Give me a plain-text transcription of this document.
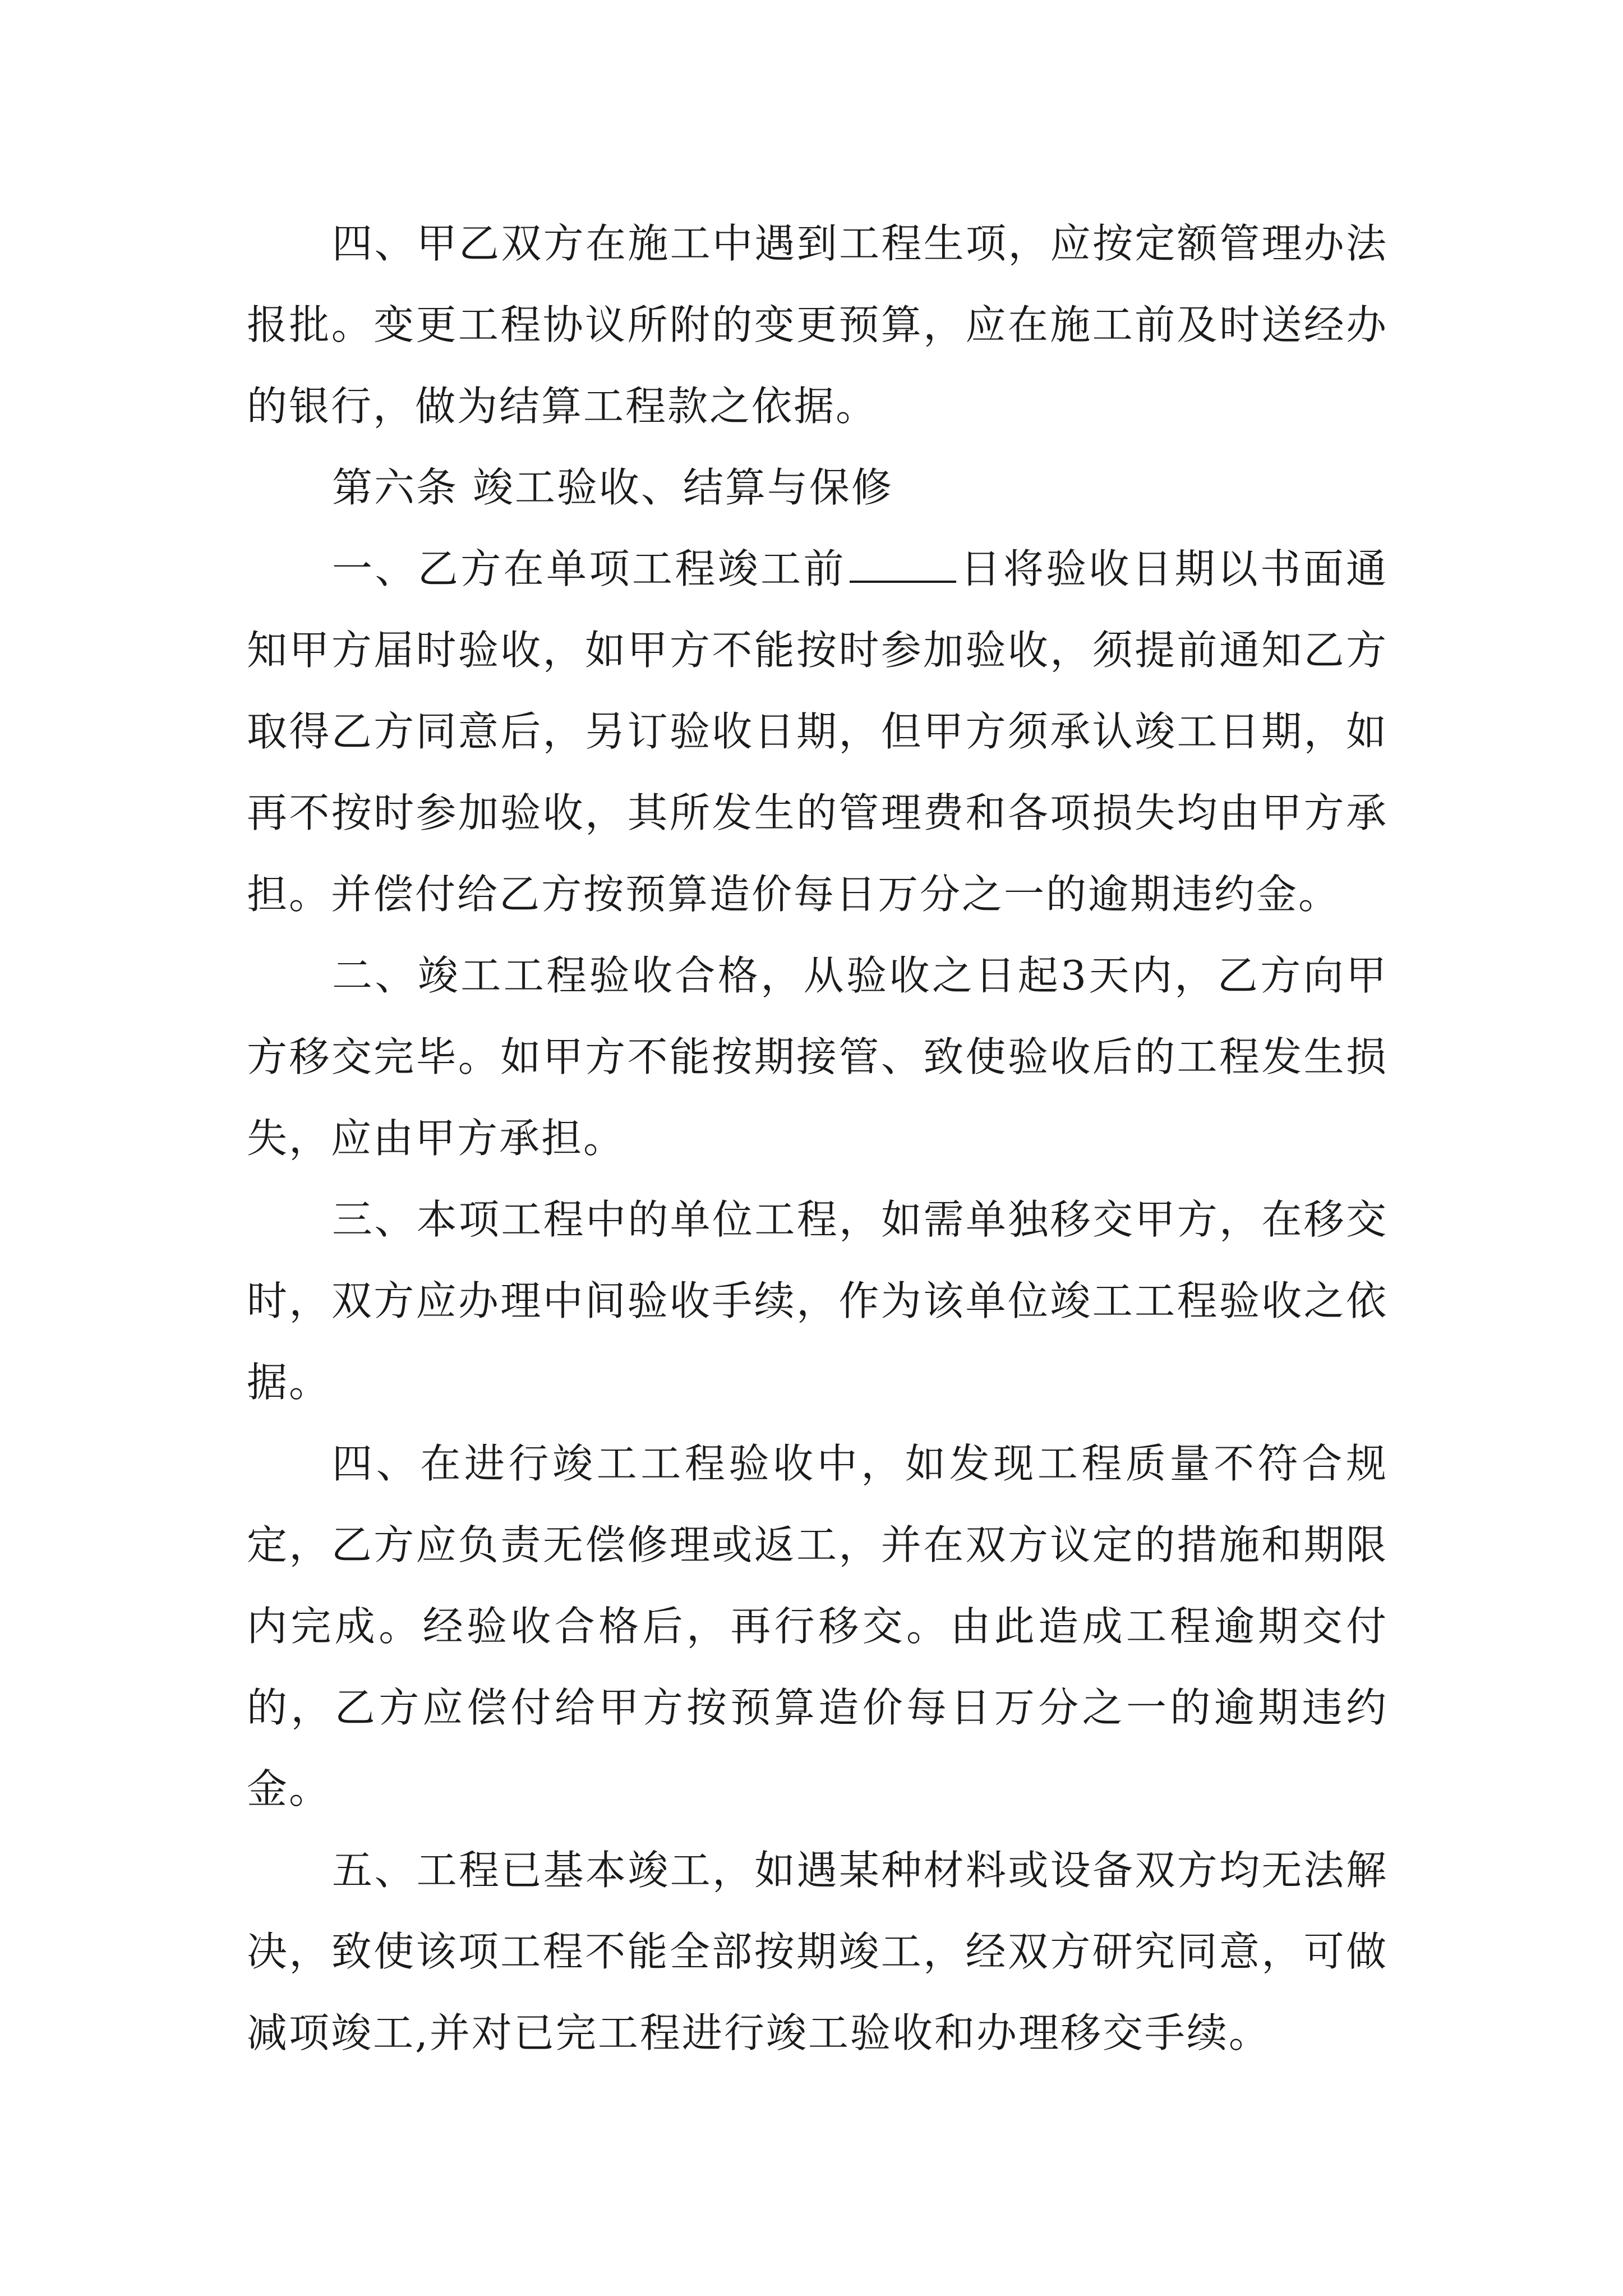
四、甲乙双方在施工中遇到工程生项，应按定额管理办法报批。变更工程协议所附的变更预算，应在施工前及时送经办的银行，做为结算工程款之依据。

第六条 竣工验收、结算与保修

一、乙方在单项工程竣工前	日将验收日期以书面通知甲方届时验收，如甲方不能按时参加验收，须提前通知乙方取得乙方同意后，另订验收日期，但甲方须承认竣工日期，如再不按时参加验收，其所发生的管理费和各项损失均由甲方承担。并偿付给乙方按预算造价每日万分之一的逾期违约金。

二、竣工工程验收合格，从验收之日起3天内，乙方向甲方移交完毕。如甲方不能按期接管、致使验收后的工程发生损失，应由甲方承担。

三、本项工程中的单位工程，如需单独移交甲方，在移交时，双方应办理中间验收手续，作为该单位竣工工程验收之依据。

四、在进行竣工工程验收中，如发现工程质量不符合规定，乙方应负责无偿修理或返工，并在双方议定的措施和期限内完成。经验收合格后，再行移交。由此造成工程逾期交付的，乙方应偿付给甲方按预算造价每日万分之一的逾期违约金。

五、工程已基本竣工，如遇某种材料或设备双方均无法解决，致使该项工程不能全部按期竣工，经双方研究同意，可做减项竣工,并对已完工程进行竣工验收和办理移交手续。
